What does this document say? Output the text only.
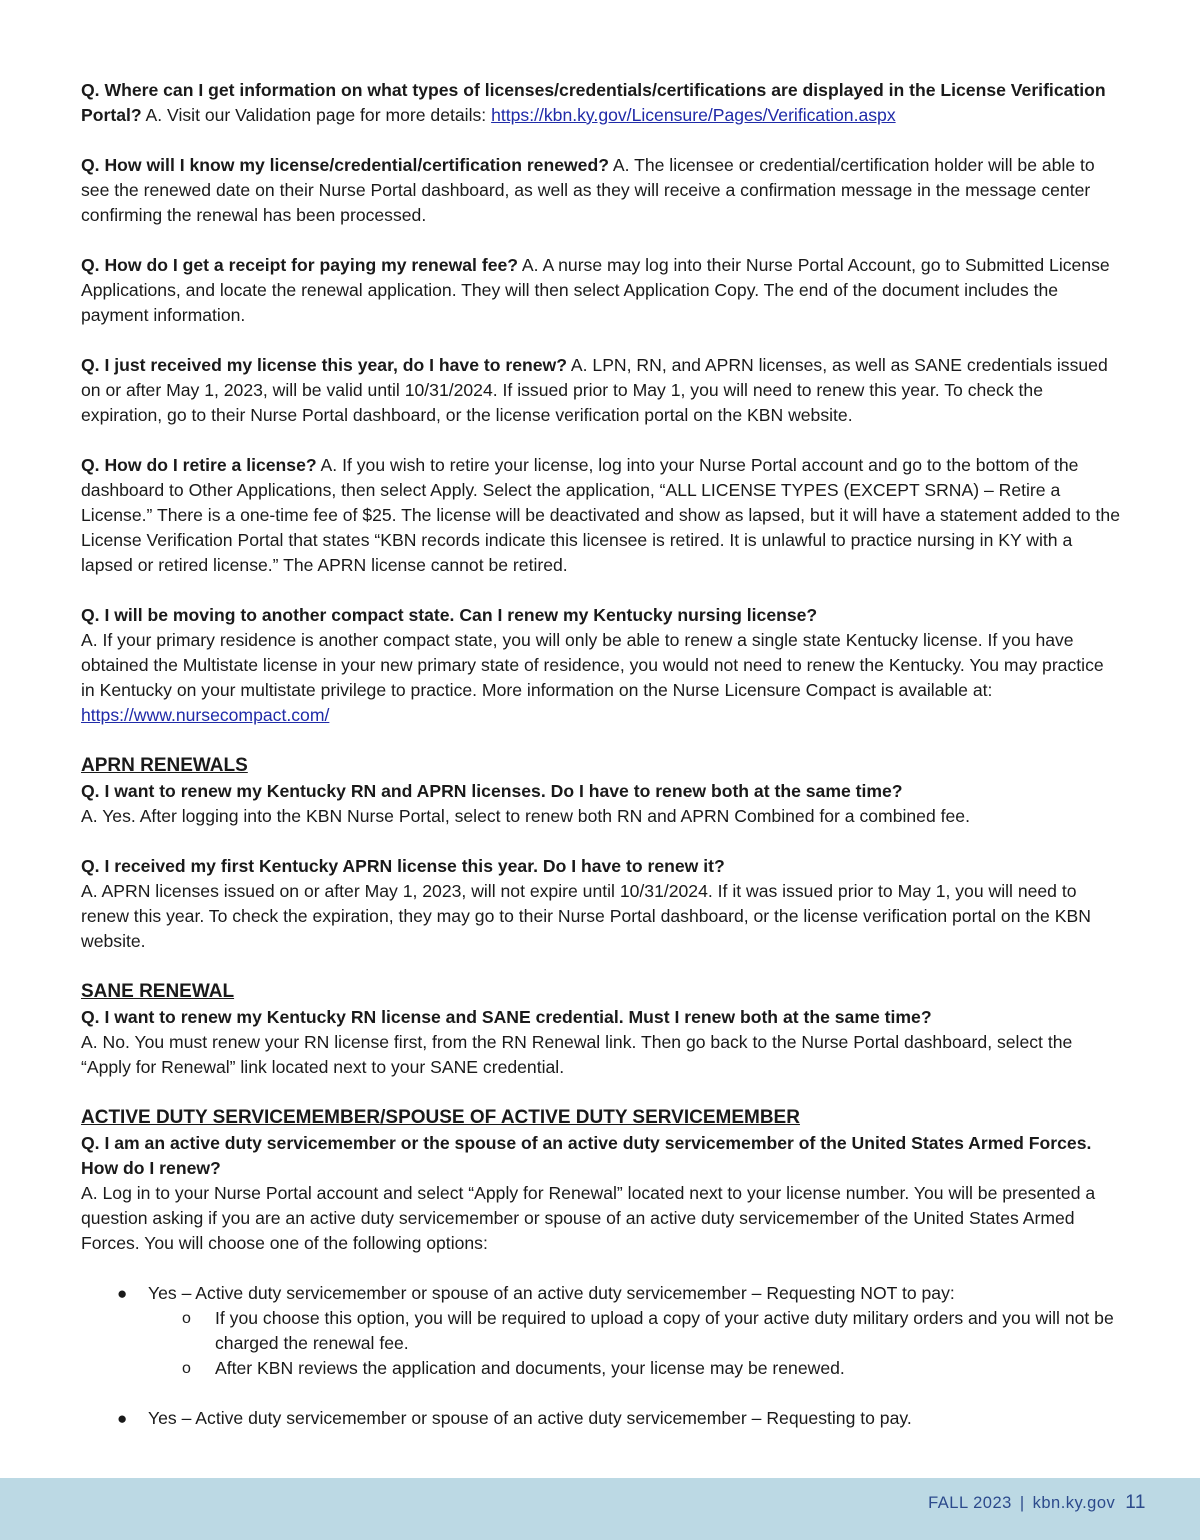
Q. Where can I get information on what types of licenses/credentials/certifications are displayed in the License Verification Portal? A. Visit our Validation page for more details: https://kbn.ky.gov/Licensure/Pages/Verification.aspx

Q. How will I know my license/credential/certification renewed? A. The licensee or credential/certification holder will be able to see the renewed date on their Nurse Portal dashboard, as well as they will receive a confirmation message in the message center confirming the renewal has been processed.

Q. How do I get a receipt for paying my renewal fee? A. A nurse may log into their Nurse Portal Account, go to Submitted License Applications, and locate the renewal application. They will then select Application Copy. The end of the document includes the payment information.

Q. I just received my license this year, do I have to renew? A. LPN, RN, and APRN licenses, as well as SANE credentials issued on or after May 1, 2023, will be valid until 10/31/2024. If issued prior to May 1, you will need to renew this year. To check the expiration, go to their Nurse Portal dashboard, or the license verification portal on the KBN website.

Q. How do I retire a license? A. If you wish to retire your license, log into your Nurse Portal account and go to the bottom of the dashboard to Other Applications, then select Apply. Select the application, “ALL LICENSE TYPES (EXCEPT SRNA) – Retire a License.” There is a one-time fee of $25. The license will be deactivated and show as lapsed, but it will have a statement added to the License Verification Portal that states “KBN records indicate this licensee is retired. It is unlawful to practice nursing in KY with a lapsed or retired license.” The APRN license cannot be retired.

Q. I will be moving to another compact state. Can I renew my Kentucky nursing license?
A. If your primary residence is another compact state, you will only be able to renew a single state Kentucky license. If you have obtained the Multistate license in your new primary state of residence, you would not need to renew the Kentucky. You may practice in Kentucky on your multistate privilege to practice. More information on the Nurse Licensure Compact is available at: https://www.nursecompact.com/

APRN RENEWALS

Q. I want to renew my Kentucky RN and APRN licenses. Do I have to renew both at the same time?
A. Yes. After logging into the KBN Nurse Portal, select to renew both RN and APRN Combined for a combined fee.

Q. I received my first Kentucky APRN license this year. Do I have to renew it?
A. APRN licenses issued on or after May 1, 2023, will not expire until 10/31/2024. If it was issued prior to May 1, you will need to renew this year. To check the expiration, they may go to their Nurse Portal dashboard, or the license verification portal on the KBN website.

SANE RENEWAL

Q. I want to renew my Kentucky RN license and SANE credential. Must I renew both at the same time?
A. No. You must renew your RN license first, from the RN Renewal link. Then go back to the Nurse Portal dashboard, select the “Apply for Renewal” link located next to your SANE credential.

ACTIVE DUTY SERVICEMEMBER/SPOUSE OF ACTIVE DUTY SERVICEMEMBER

Q. I am an active duty servicemember or the spouse of an active duty servicemember of the United States Armed Forces. How do I renew?
A. Log in to your Nurse Portal account and select “Apply for Renewal” located next to your license number. You will be presented a question asking if you are an active duty servicemember or spouse of an active duty servicemember of the United States Armed Forces. You will choose one of the following options:

● Yes – Active duty servicemember or spouse of an active duty servicemember – Requesting NOT to pay:

o If you choose this option, you will be required to upload a copy of your active duty military orders and you will not be charged the renewal fee.

o After KBN reviews the application and documents, your license may be renewed.

● Yes – Active duty servicemember or spouse of an active duty servicemember – Requesting to pay.

FALL 2023 | kbn.ky.gov 11
